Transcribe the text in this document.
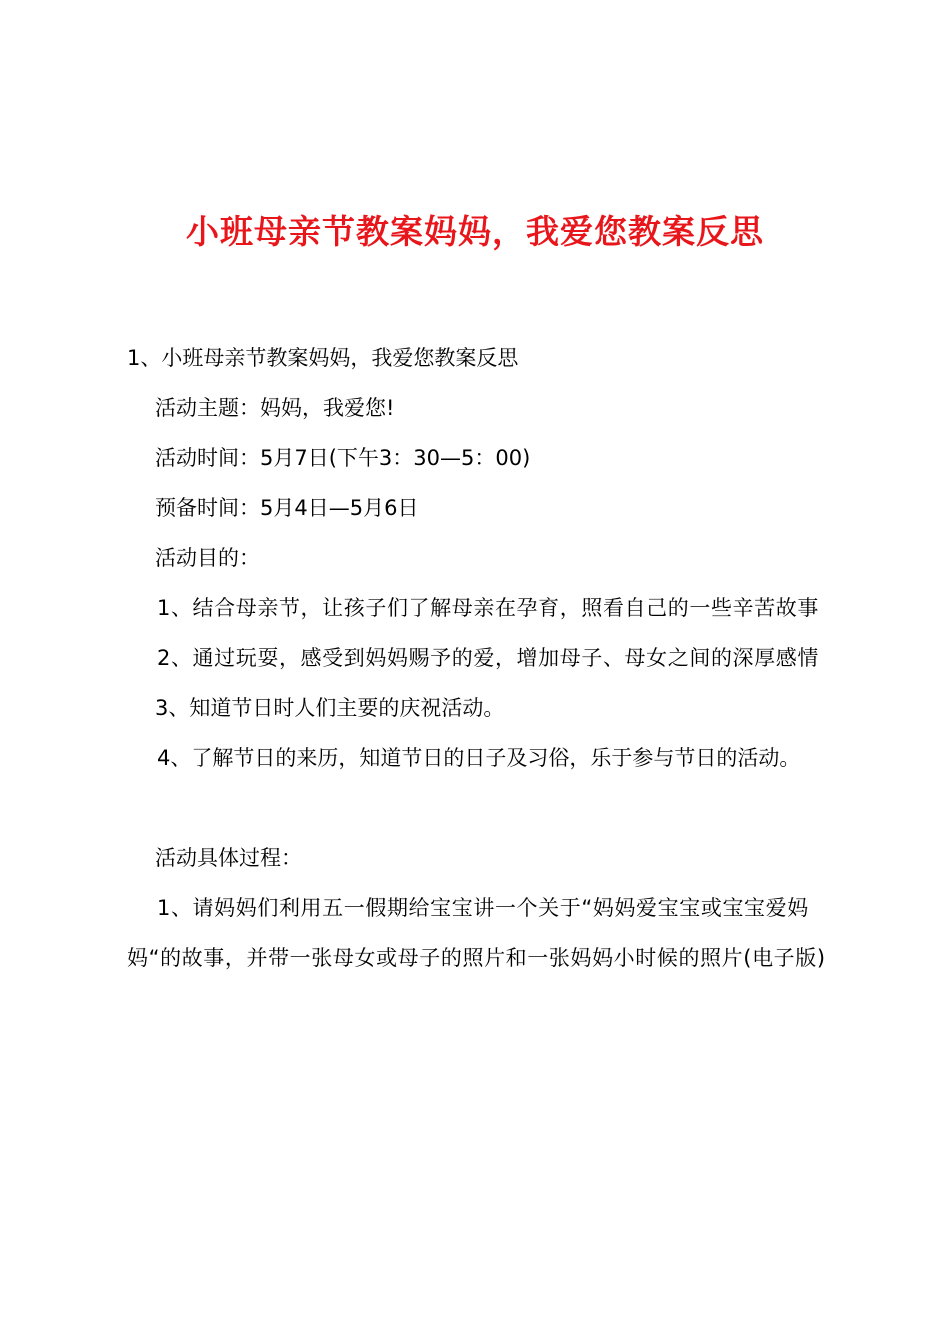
小班母亲节教案妈妈，我爱您教案反思

1、小班母亲节教案妈妈，我爱您教案反思

活动主题：妈妈，我爱您!

活动时间：5月7日(下午3：30—5：00)

预备时间：5月4日—5月6日

活动目的：

1、结合母亲节，让孩子们了解母亲在孕育，照看自己的一些辛苦故事

2、通过玩耍，感受到妈妈赐予的爱，增加母子、母女之间的深厚感情

3、知道节日时人们主要的庆祝活动。

4、了解节日的来历，知道节日的日子及习俗，乐于参与节日的活动。

活动具体过程：

1、请妈妈们利用五一假期给宝宝讲一个关于“妈妈爱宝宝或宝宝爱妈妈“的故事，并带一张母女或母子的照片和一张妈妈小时候的照片(电子版)
